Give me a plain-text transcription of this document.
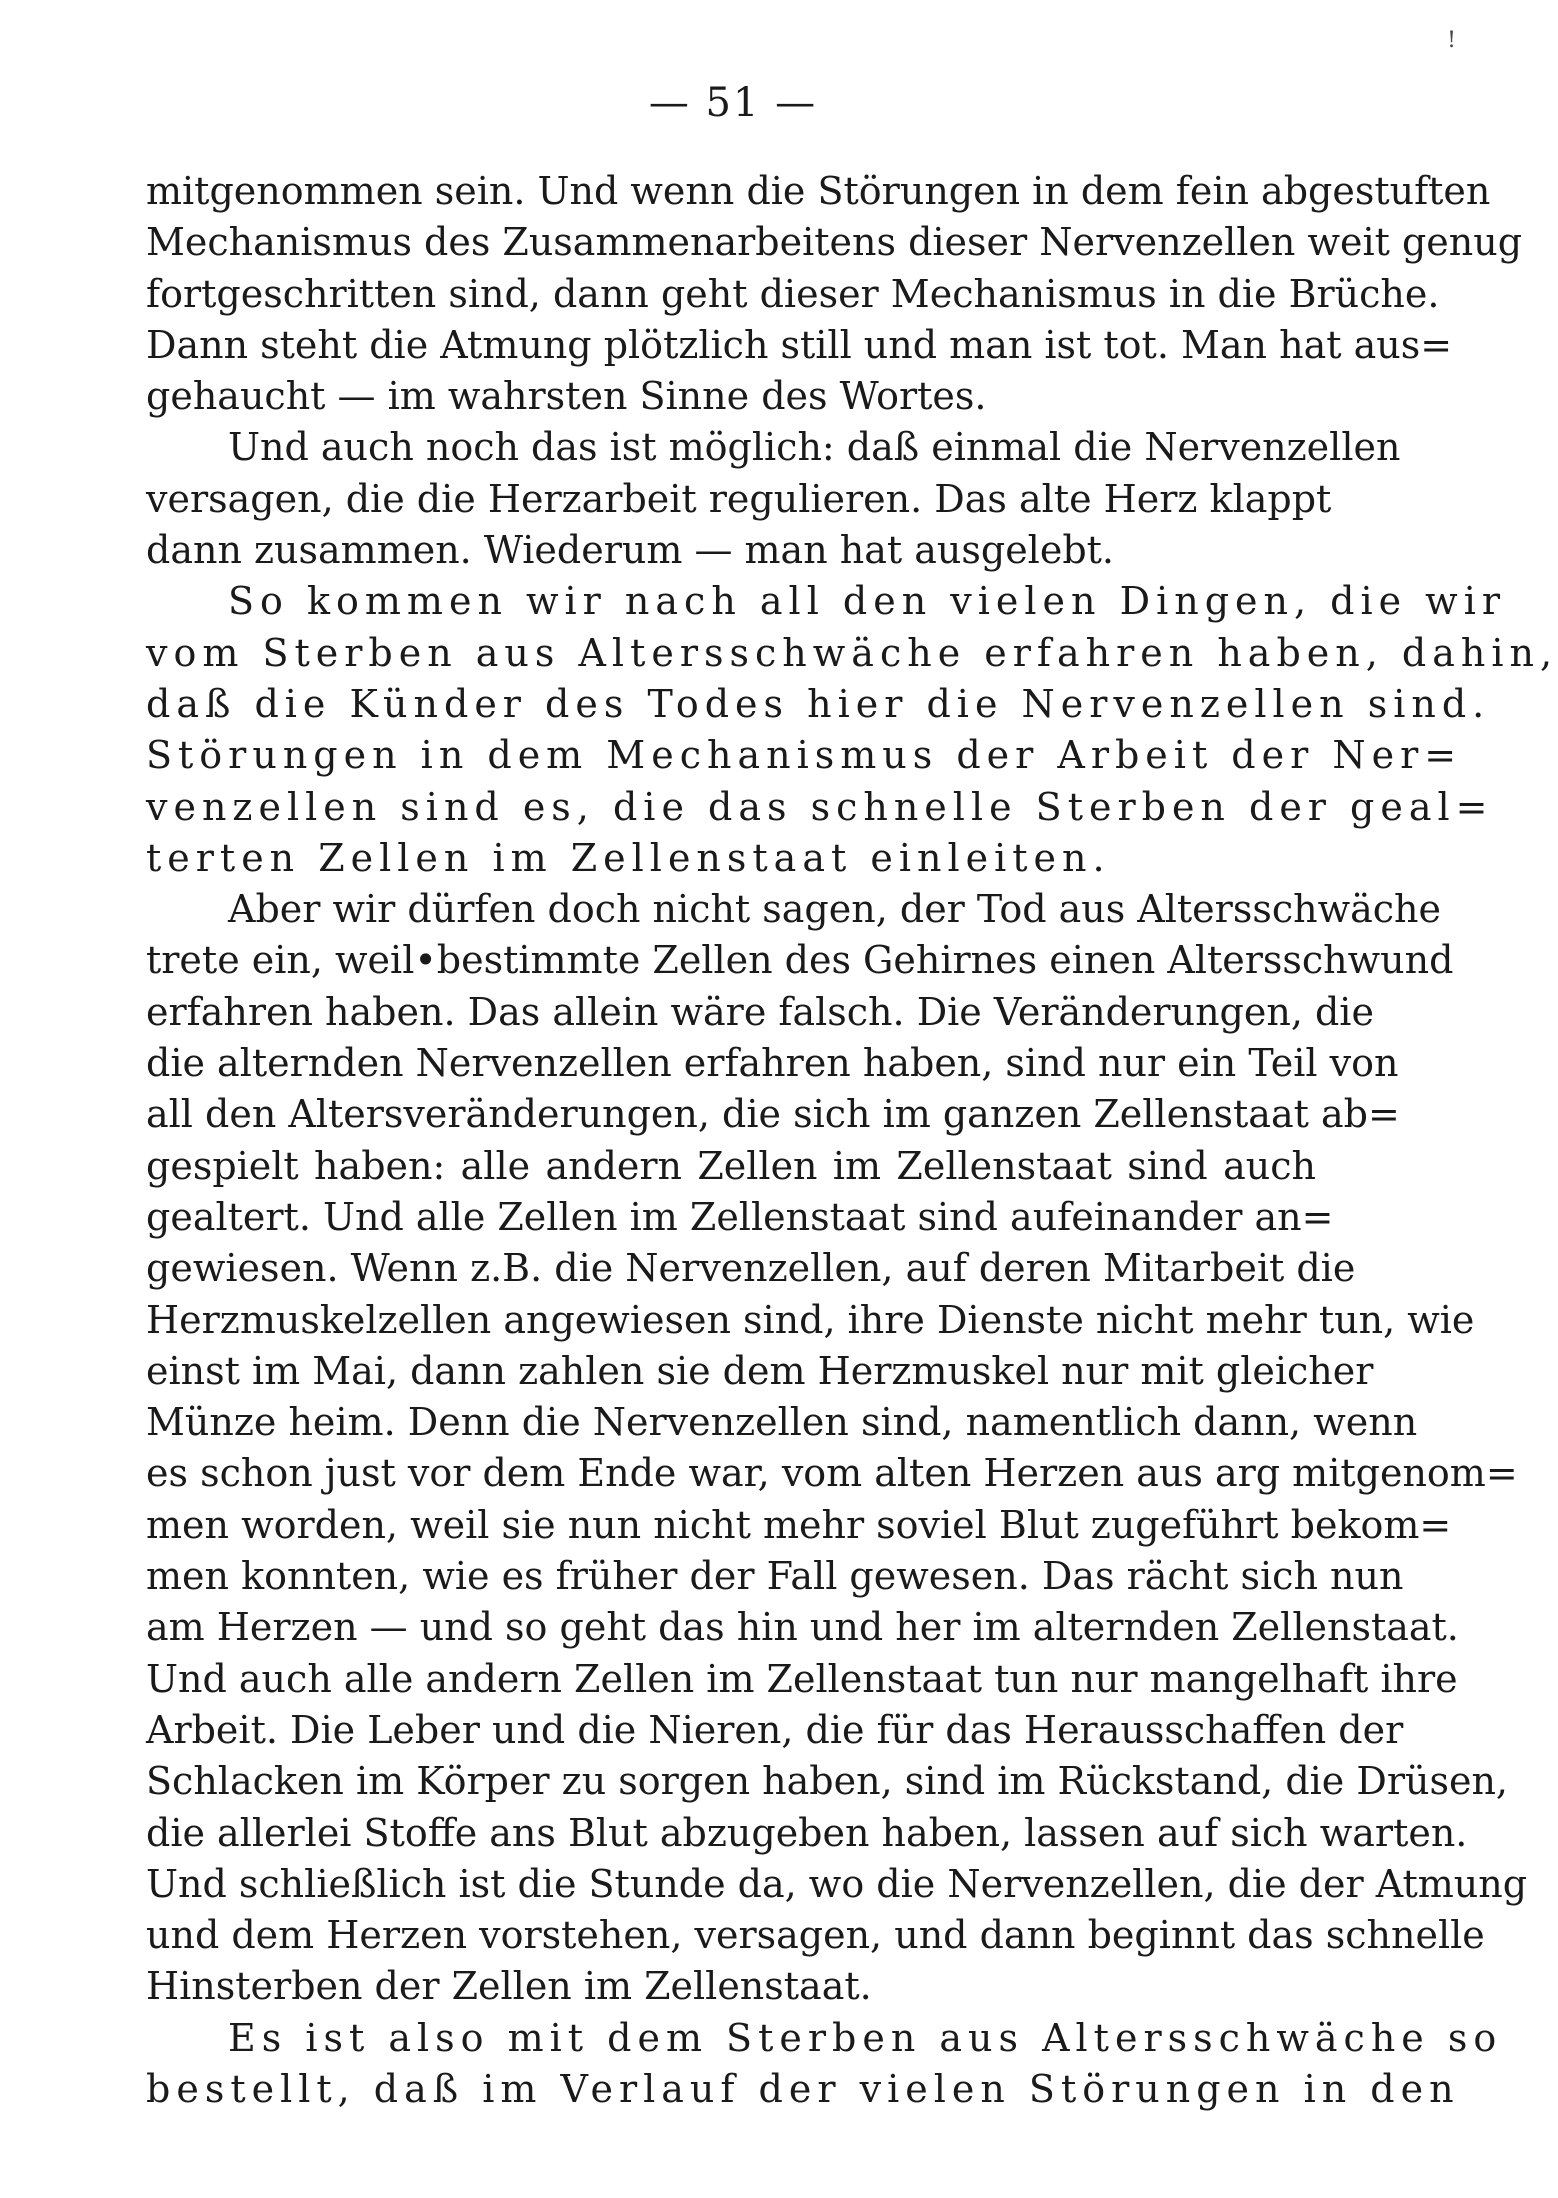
!
— 51 —
mitgenommen sein. Und wenn die Störungen in dem fein abgestuften
Mechanismus des Zusammenarbeitens dieser Nervenzellen weit genug
fortgeschritten sind, dann geht dieser Mechanismus in die Brüche.
Dann steht die Atmung plötzlich still und man ist tot. Man hat aus=
gehaucht — im wahrsten Sinne des Wortes.
Und auch noch das ist möglich: daß einmal die Nervenzellen
versagen, die die Herzarbeit regulieren. Das alte Herz klappt
dann zusammen. Wiederum — man hat ausgelebt.
So kommen wir nach all den vielen Dingen, die wir
vom Sterben aus Altersschwäche erfahren haben, dahin,
daß die Künder des Todes hier die Nervenzellen sind.
Störungen in dem Mechanismus der Arbeit der Ner=
venzellen sind es, die das schnelle Sterben der geal=
terten Zellen im Zellenstaat einleiten.
Aber wir dürfen doch nicht sagen, der Tod aus Altersschwäche
trete ein, weil•bestimmte Zellen des Gehirnes einen Altersschwund
erfahren haben. Das allein wäre falsch. Die Veränderungen, die
die alternden Nervenzellen erfahren haben, sind nur ein Teil von
all den Altersveränderungen, die sich im ganzen Zellenstaat ab=
gespielt haben: alle andern Zellen im Zellenstaat sind auch
gealtert. Und alle Zellen im Zellenstaat sind aufeinander an=
gewiesen. Wenn z.B. die Nervenzellen, auf deren Mitarbeit die
Herzmuskelzellen angewiesen sind, ihre Dienste nicht mehr tun, wie
einst im Mai, dann zahlen sie dem Herzmuskel nur mit gleicher
Münze heim. Denn die Nervenzellen sind, namentlich dann, wenn
es schon just vor dem Ende war, vom alten Herzen aus arg mitgenom=
men worden, weil sie nun nicht mehr soviel Blut zugeführt bekom=
men konnten, wie es früher der Fall gewesen. Das rächt sich nun
am Herzen — und so geht das hin und her im alternden Zellenstaat.
Und auch alle andern Zellen im Zellenstaat tun nur mangelhaft ihre
Arbeit. Die Leber und die Nieren, die für das Herausschaffen der
Schlacken im Körper zu sorgen haben, sind im Rückstand, die Drüsen,
die allerlei Stoffe ans Blut abzugeben haben, lassen auf sich warten.
Und schließlich ist die Stunde da, wo die Nervenzellen, die der Atmung
und dem Herzen vorstehen, versagen, und dann beginnt das schnelle
Hinsterben der Zellen im Zellenstaat.
Es ist also mit dem Sterben aus Altersschwäche so
bestellt, daß im Verlauf der vielen Störungen in den
